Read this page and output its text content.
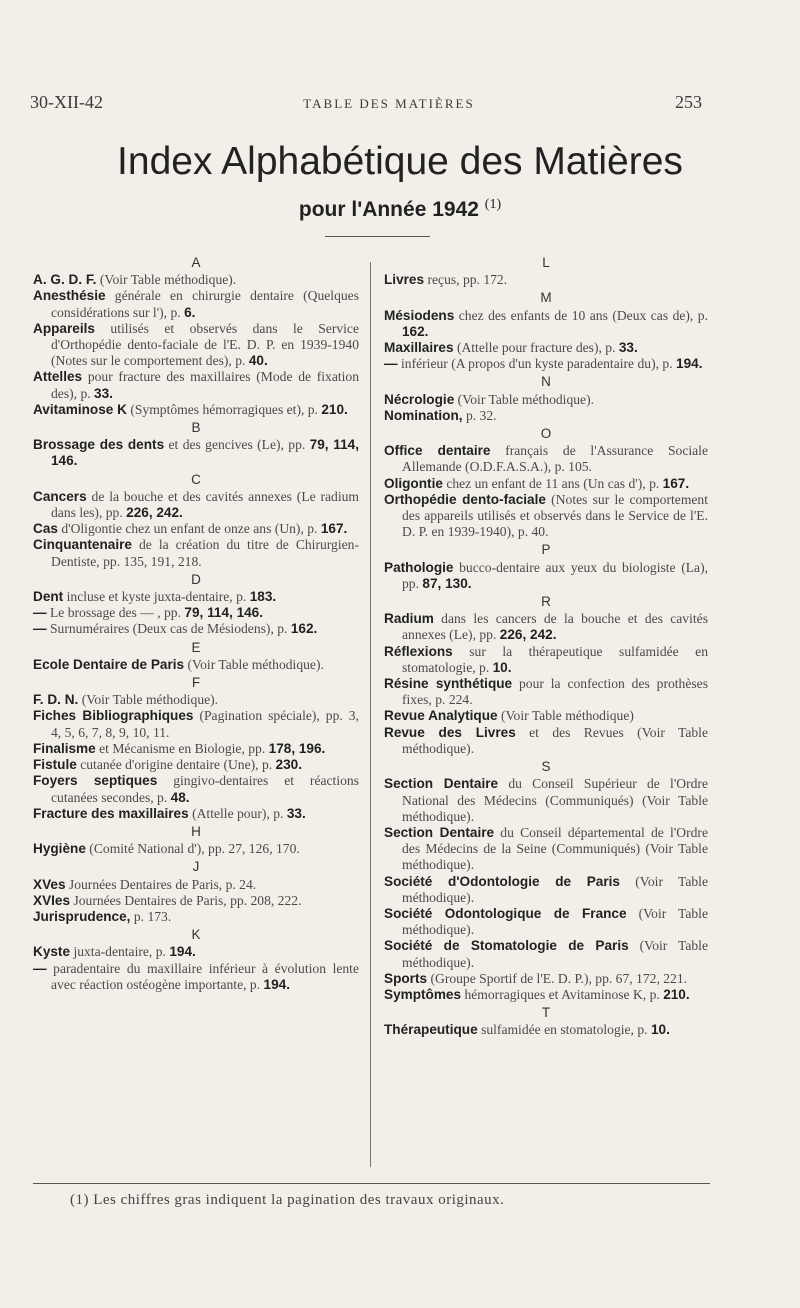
30-XII-42	TABLE DES MATIÈRES	253
Index Alphabétique des Matières
pour l'Année 1942 $^{(1)}$
A

A. G. D. F. (Voir Table méthodique).

Anesthésie générale en chirurgie dentaire (Quelques considérations sur l'), p. 6.

Appareils utilisés et observés dans le Service d'Orthopédie dento-faciale de l'E. D. P. en 1939-1940 (Notes sur le comportement des), p. 40.

Attelles pour fracture des maxillaires (Mode de fixation des), p. 33.

Avitaminose K (Symptômes hémorragiques et), p. 210.

B

Brossage des dents et des gencives (Le), pp. 79, 114, 146.

C

Cancers de la bouche et des cavités annexes (Le radium dans les), pp. 226, 242.

Cas d'Oligontie chez un enfant de onze ans (Un), p. 167.

Cinquantenaire de la création du titre de Chirurgien-Dentiste, pp. 135, 191, 218.

D

Dent incluse et kyste juxta-dentaire, p. 183.

— Le brossage des — , pp. 79, 114, 146.

— Surnuméraires (Deux cas de Mésiodens), p. 162.

E

Ecole Dentaire de Paris (Voir Table méthodique).

F

F. D. N. (Voir Table méthodique).

Fiches Bibliographiques (Pagination spéciale), pp. 3, 4, 5, 6, 7, 8, 9, 10, 11.

Finalisme et Mécanisme en Biologie, pp. 178, 196.

Fistule cutanée d'origine dentaire (Une), p. 230.

Foyers septiques gingivo-dentaires et réactions cutanées secondes, p. 48.

Fracture des maxillaires (Attelle pour), p. 33.

H

Hygiène (Comité National d'), pp. 27, 126, 170.

J

XVes Journées Dentaires de Paris, p. 24.

XVIes Journées Dentaires de Paris, pp. 208, 222.

Jurisprudence, p. 173.

K

Kyste juxta-dentaire, p. 194.

— paradentaire du maxillaire inférieur à évolution lente avec réaction ostéogène importante, p. 194.

L

Livres reçus, pp. 172.

M

Mésiodens chez des enfants de 10 ans (Deux cas de), p. 162.

Maxillaires (Attelle pour fracture des), p. 33.

— inférieur (A propos d'un kyste paradentaire du), p. 194.

N

Nécrologie (Voir Table méthodique).

Nomination, p. 32.

O

Office dentaire français de l'Assurance Sociale Allemande (O.D.F.A.S.A.), p. 105.

Oligontie chez un enfant de 11 ans (Un cas d'), p. 167.

Orthopédie dento-faciale (Notes sur le comportement des appareils utilisés et observés dans le Service de l'E. D. P. en 1939-1940), p. 40.

P

Pathologie bucco-dentaire aux yeux du biologiste (La), pp. 87, 130.

R

Radium dans les cancers de la bouche et des cavités annexes (Le), pp. 226, 242.

Réflexions sur la thérapeutique sulfamidée en stomatologie, p. 10.

Résine synthétique pour la confection des prothèses fixes, p. 224.

Revue Analytique (Voir Table méthodique)

Revue des Livres et des Revues (Voir Table méthodique).

S

Section Dentaire du Conseil Supérieur de l'Ordre National des Médecins (Communiqués) (Voir Table méthodique).

Section Dentaire du Conseil départemental de l'Ordre des Médecins de la Seine (Communiqués) (Voir Table méthodique).

Société d'Odontologie de Paris (Voir Table méthodique).

Société Odontologique de France (Voir Table méthodique).

Société de Stomatologie de Paris (Voir Table méthodique).

Sports (Groupe Sportif de l'E. D. P.), pp. 67, 172, 221.

Symptômes hémorragiques et Avitaminose K, p. 210.

T

Thérapeutique sulfamidée en stomatologie, p. 10.

(1) Les chiffres gras indiquent la pagination des travaux originaux.
